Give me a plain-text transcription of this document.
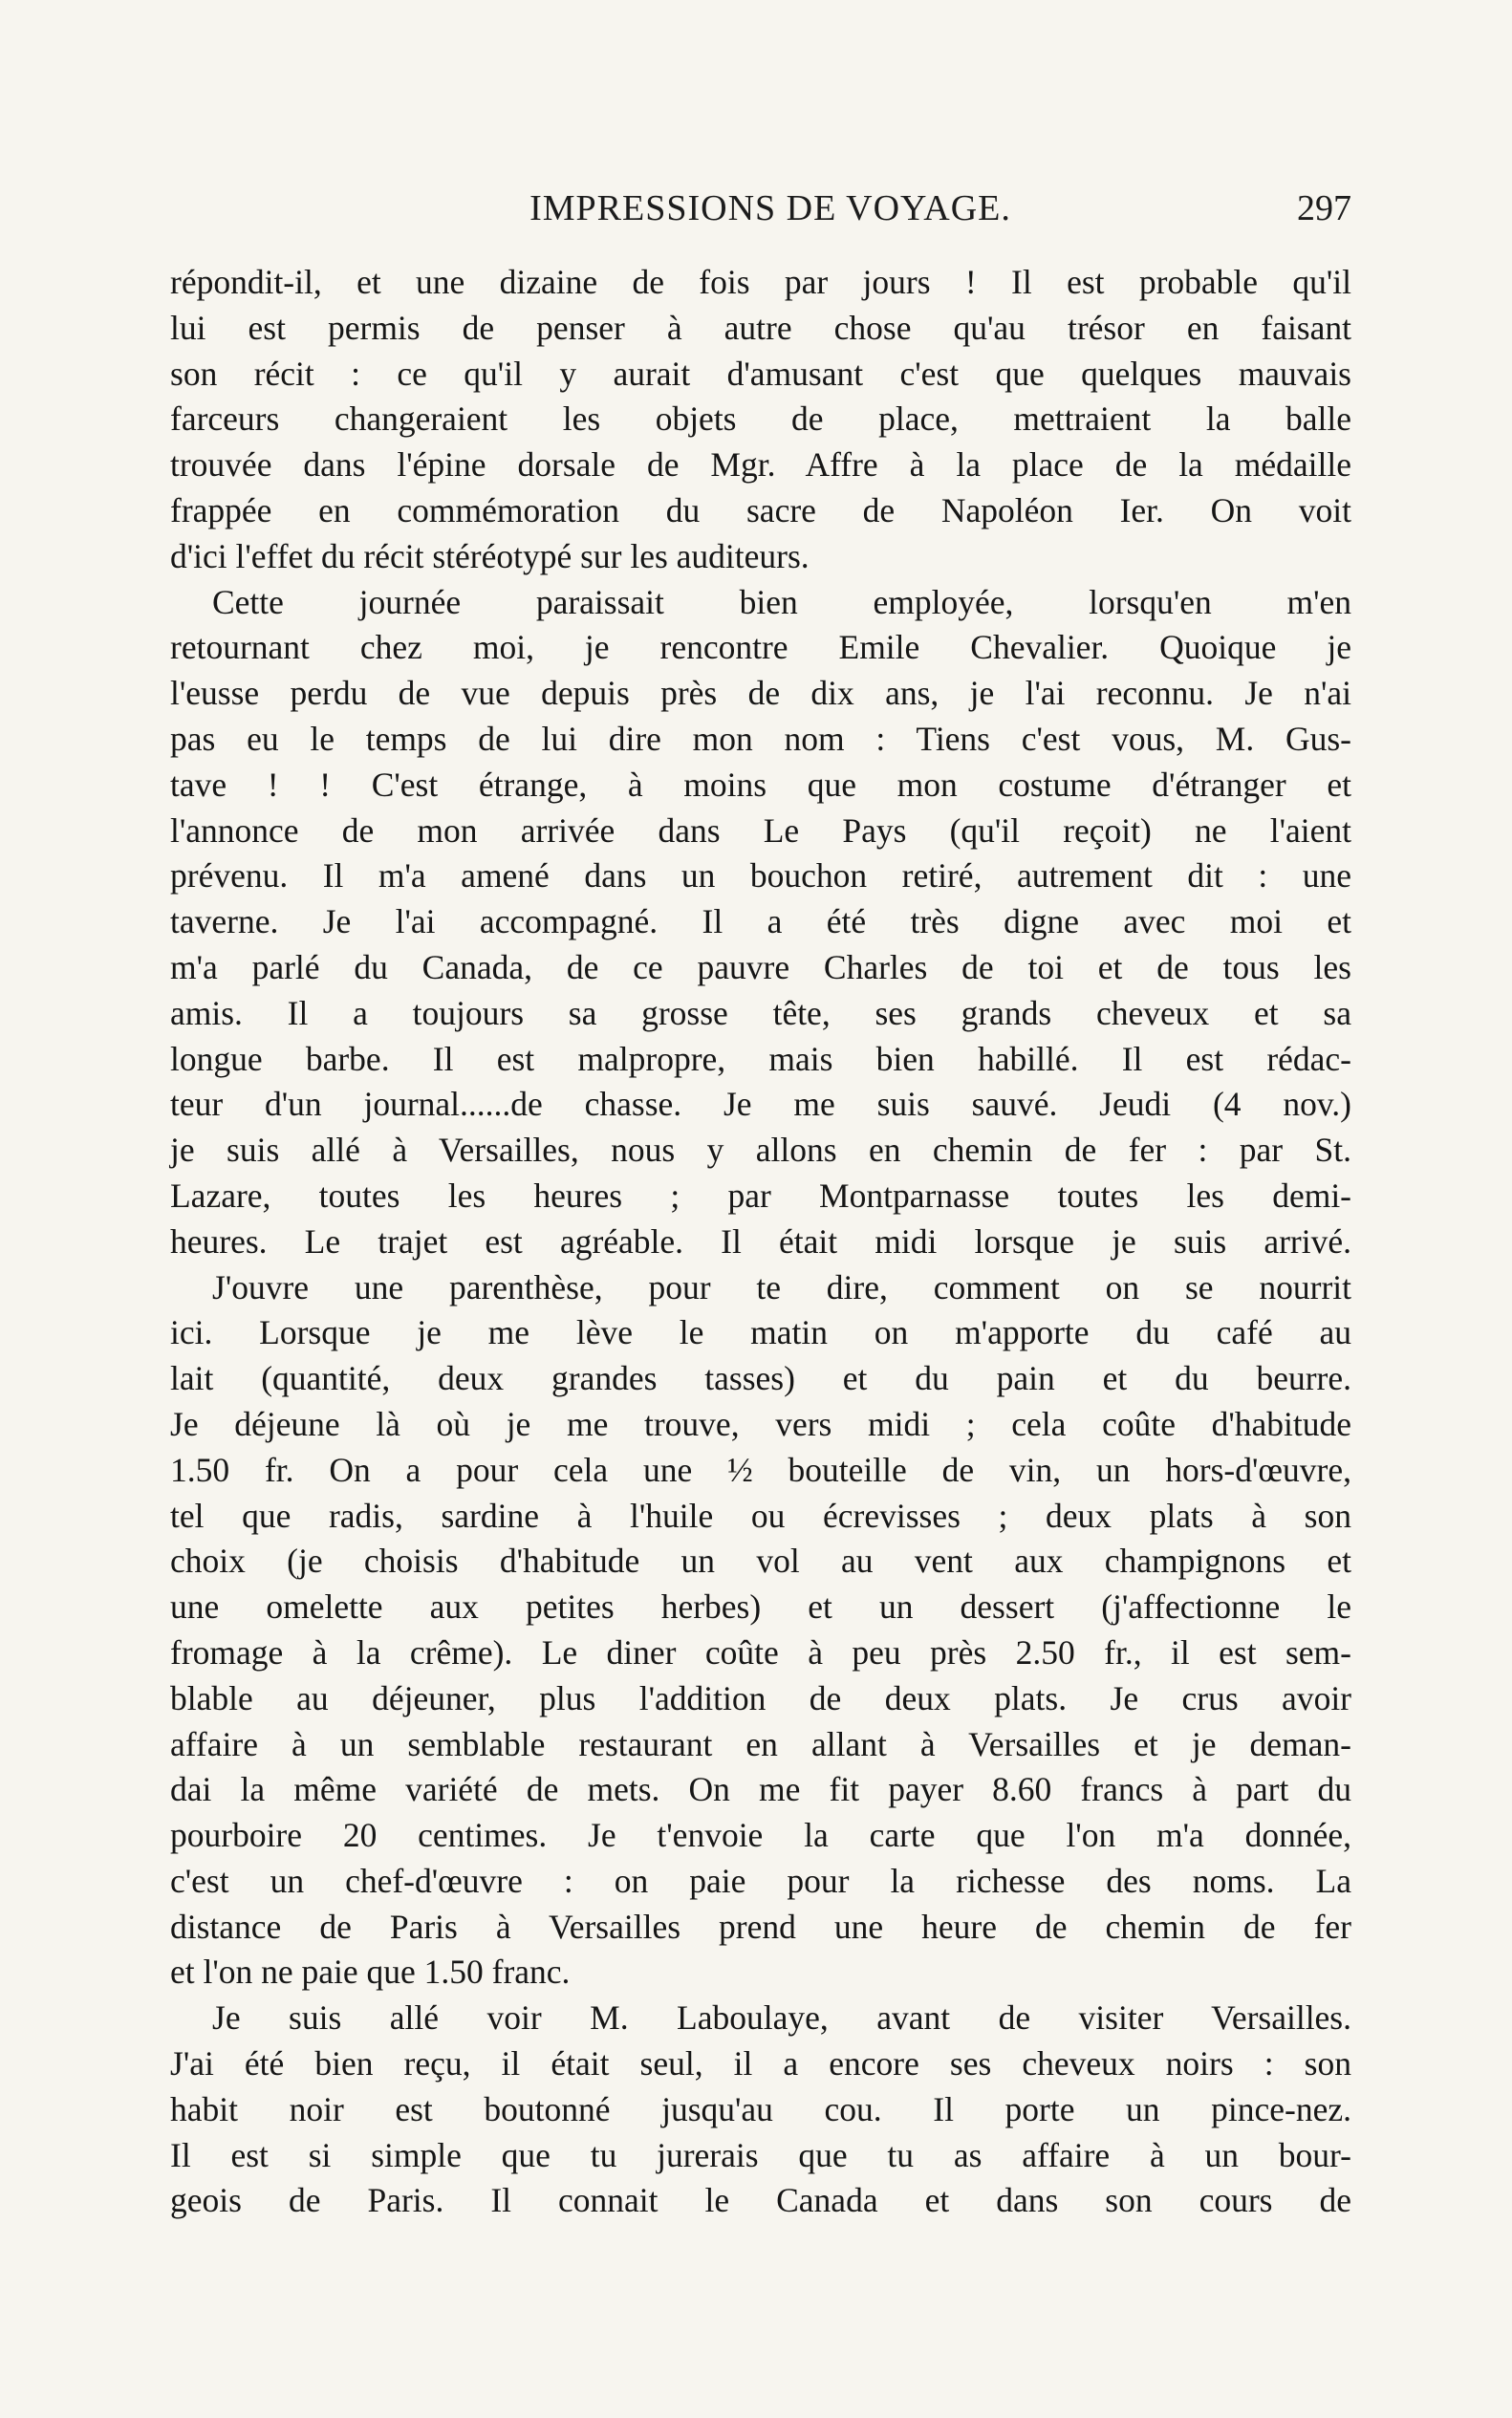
IMPRESSIONS DE VOYAGE.	297
répondit-il, et une dizaine de fois par jours ! Il est probable qu'il
lui est permis de penser à autre chose qu'au trésor en faisant
son récit : ce qu'il y aurait d'amusant c'est que quelques mauvais
farceurs changeraient les objets de place, mettraient la balle
trouvée dans l'épine dorsale de Mgr. Affre à la place de la médaille
frappée en commémoration du sacre de Napoléon Ier. On voit
d'ici l'effet du récit stéréotypé sur les auditeurs.
Cette journée paraissait bien employée, lorsqu'en m'en
retournant chez moi, je rencontre Emile Chevalier. Quoique je
l'eusse perdu de vue depuis près de dix ans, je l'ai reconnu. Je n'ai
pas eu le temps de lui dire mon nom : Tiens c'est vous, M. Gus-
tave ! ! C'est étrange, à moins que mon costume d'étranger et
l'annonce de mon arrivée dans Le Pays (qu'il reçoit) ne l'aient
prévenu. Il m'a amené dans un bouchon retiré, autrement dit : une
taverne. Je l'ai accompagné. Il a été très digne avec moi et
m'a parlé du Canada, de ce pauvre Charles de toi et de tous les
amis. Il a toujours sa grosse tête, ses grands cheveux et sa
longue barbe. Il est malpropre, mais bien habillé. Il est rédac-
teur d'un journal......de chasse. Je me suis sauvé. Jeudi (4 nov.)
je suis allé à Versailles, nous y allons en chemin de fer : par St.
Lazare, toutes les heures ; par Montparnasse toutes les demi-
heures. Le trajet est agréable. Il était midi lorsque je suis arrivé.
J'ouvre une parenthèse, pour te dire, comment on se nourrit
ici. Lorsque je me lève le matin on m'apporte du café au
lait (quantité, deux grandes tasses) et du pain et du beurre.
Je déjeune là où je me trouve, vers midi ; cela coûte d'habitude
1.50 fr. On a pour cela une ½ bouteille de vin, un hors-d'œuvre,
tel que radis, sardine à l'huile ou écrevisses ; deux plats à son
choix (je choisis d'habitude un vol au vent aux champignons et
une omelette aux petites herbes) et un dessert (j'affectionne le
fromage à la crême). Le diner coûte à peu près 2.50 fr., il est sem-
blable au déjeuner, plus l'addition de deux plats. Je crus avoir
affaire à un semblable restaurant en allant à Versailles et je deman-
dai la même variété de mets. On me fit payer 8.60 francs à part du
pourboire 20 centimes. Je t'envoie la carte que l'on m'a donnée,
c'est un chef-d'œuvre : on paie pour la richesse des noms. La
distance de Paris à Versailles prend une heure de chemin de fer
et l'on ne paie que 1.50 franc.
Je suis allé voir M. Laboulaye, avant de visiter Versailles.
J'ai été bien reçu, il était seul, il a encore ses cheveux noirs : son
habit noir est boutonné jusqu'au cou. Il porte un pince-nez.
Il est si simple que tu jurerais que tu as affaire à un bour-
geois de Paris. Il connait le Canada et dans son cours de
